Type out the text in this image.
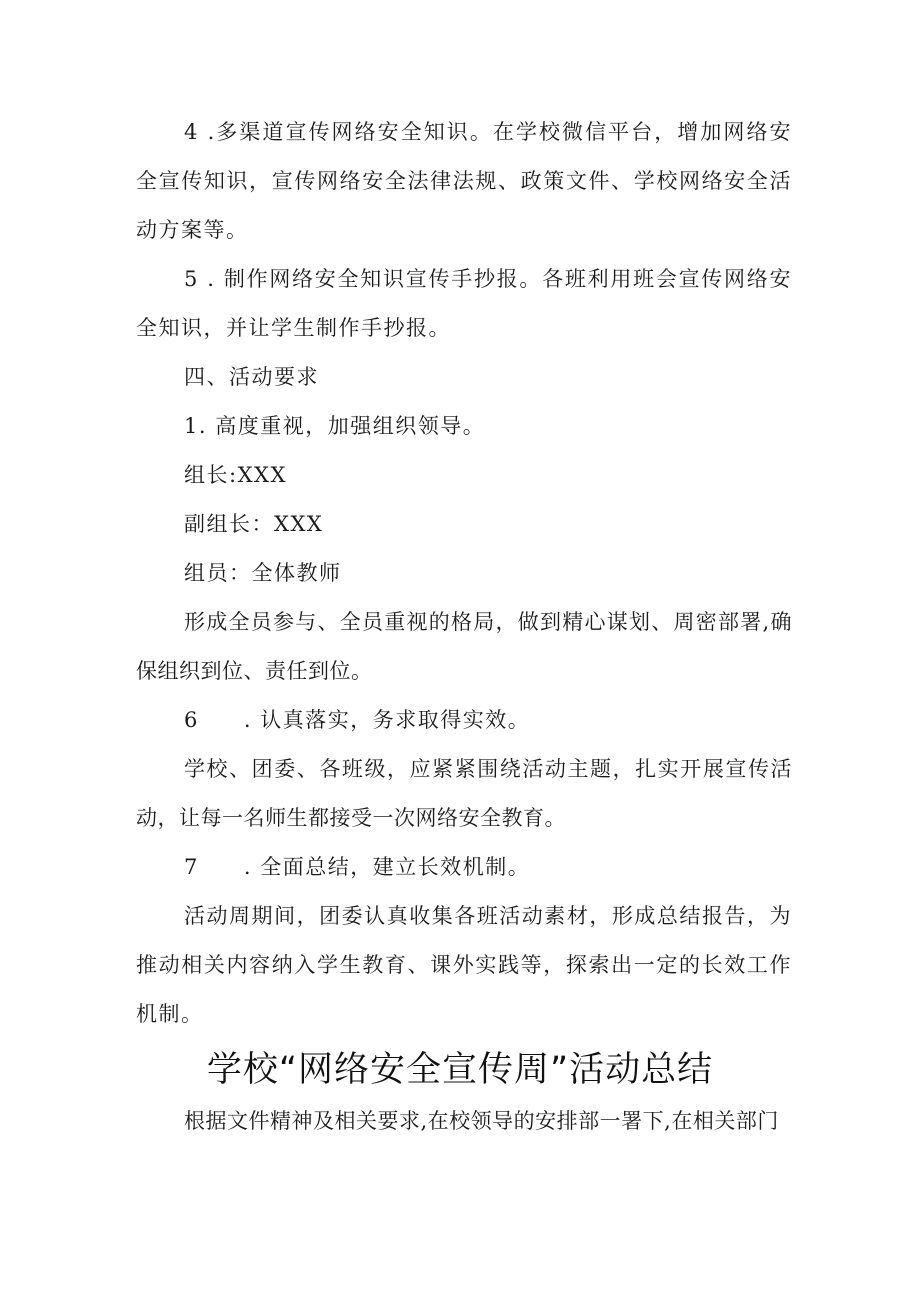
4 .多渠道宣传网络安全知识。在学校微信平台，增加网络安全宣传知识，宣传网络安全法律法规、政策文件、学校网络安全活动方案等。
5 . 制作网络安全知识宣传手抄报。各班利用班会宣传网络安全知识，并让学生制作手抄报。
四、活动要求
1. 高度重视，加强组织领导。
组长:XXX
副组长：XXX
组员：全体教师
形成全员参与、全员重视的格局，做到精心谋划、周密部署,确保组织到位、责任到位。
6　　. 认真落实，务求取得实效。
学校、团委、各班级，应紧紧围绕活动主题，扎实开展宣传活动，让每一名师生都接受一次网络安全教育。
7　　. 全面总结，建立长效机制。
活动周期间，团委认真收集各班活动素材，形成总结报告，为推动相关内容纳入学生教育、课外实践等，探索出一定的长效工作机制。
学校“网络安全宣传周”活动总结
根据文件精神及相关要求,在校领导的安排部一署下,在相关部门
